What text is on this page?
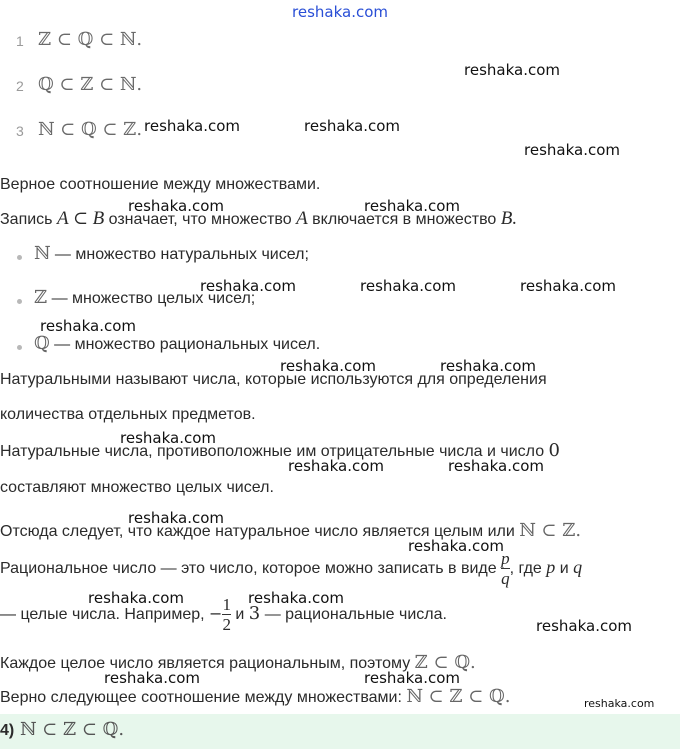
reshaka.com
1 ℤ ⊂ ℚ ⊂ ℕ.
2 ℚ ⊂ ℤ ⊂ ℕ.
3 ℕ ⊂ ℚ ⊂ ℤ.
Верное соотношение между множествами.
Запись A ⊂ B означает, что множество A включается в множество B.
ℕ — множество натуральных чисел;
ℤ — множество целых чисел;
ℚ — множество рациональных чисел.
Натуральными называют числа, которые используются для определения
количества отдельных предметов.
Натуральные числа, противоположные им отрицательные числа и число 0
составляют множество целых чисел.
Отсюда следует, что каждое натуральное число является целым или ℕ ⊂ ℤ.
Рациональное число — это число, которое можно записать в виде $\frac{p}{q}$ , где p и q
— целые числа. Например, − $\frac{1}{2}$ и 3 — рациональные числа.
Каждое целое число является рациональным, поэтому ℤ ⊂ ℚ.
Верно следующее соотношение между множествами: ℕ ⊂ ℤ ⊂ ℚ.
4) ℕ ⊂ ℤ ⊂ ℚ.
reshaka.com
reshaka.com	reshaka.com
reshaka.com
reshaka.com	reshaka.com
reshaka.com	reshaka.com	reshaka.com
reshaka.com
reshaka.com	reshaka.com
reshaka.com
reshaka.com	reshaka.com
reshaka.com
reshaka.com
reshaka.com	reshaka.com
reshaka.com
reshaka.com	reshaka.com
reshaka.com
